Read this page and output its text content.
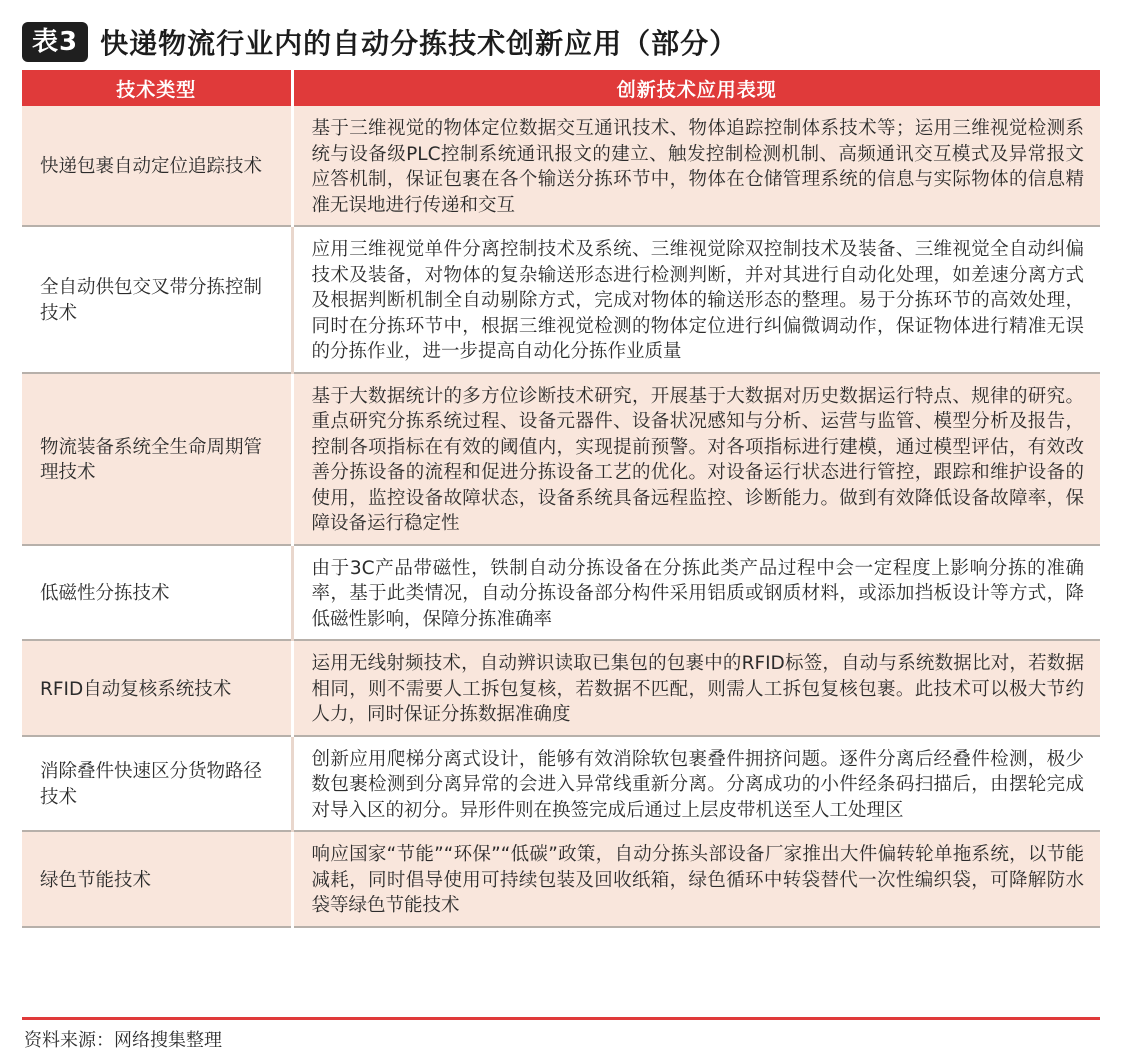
表3 快递物流行业内的自动分拣技术创新应用（部分）
技术类型	创新技术应用表现
快递包裹自动定位追踪技术	基于三维视觉的物体定位数据交互通讯技术、物体追踪控制体系技术等；运用三维视觉检测系统与设备级PLC控制系统通讯报文的建立、触发控制检测机制、高频通讯交互模式及异常报文应答机制，保证包裹在各个输送分拣环节中，物体在仓储管理系统的信息与实际物体的信息精准无误地进行传递和交互
全自动供包交叉带分拣控制技术	应用三维视觉单件分离控制技术及系统、三维视觉除双控制技术及装备、三维视觉全自动纠偏技术及装备，对物体的复杂输送形态进行检测判断，并对其进行自动化处理，如差速分离方式及根据判断机制全自动剔除方式，完成对物体的输送形态的整理。易于分拣环节的高效处理，同时在分拣环节中，根据三维视觉检测的物体定位进行纠偏微调动作，保证物体进行精准无误的分拣作业，进一步提高自动化分拣作业质量
物流装备系统全生命周期管理技术	基于大数据统计的多方位诊断技术研究，开展基于大数据对历史数据运行特点、规律的研究。重点研究分拣系统过程、设备元器件、设备状况感知与分析、运营与监管、模型分析及报告，控制各项指标在有效的阈值内，实现提前预警。对各项指标进行建模，通过模型评估，有效改善分拣设备的流程和促进分拣设备工艺的优化。对设备运行状态进行管控，跟踪和维护设备的使用，监控设备故障状态，设备系统具备远程监控、诊断能力。做到有效降低设备故障率，保障设备运行稳定性
低磁性分拣技术	由于3C产品带磁性，铁制自动分拣设备在分拣此类产品过程中会一定程度上影响分拣的准确率，基于此类情况，自动分拣设备部分构件采用铝质或钢质材料，或添加挡板设计等方式，降低磁性影响，保障分拣准确率
RFID自动复核系统技术	运用无线射频技术，自动辨识读取已集包的包裹中的RFID标签，自动与系统数据比对，若数据相同，则不需要人工拆包复核，若数据不匹配，则需人工拆包复核包裹。此技术可以极大节约人力，同时保证分拣数据准确度
消除叠件快速区分货物路径技术	创新应用爬梯分离式设计，能够有效消除软包裹叠件拥挤问题。逐件分离后经叠件检测，极少数包裹检测到分离异常的会进入异常线重新分离。分离成功的小件经条码扫描后，由摆轮完成对导入区的初分。异形件则在换签完成后通过上层皮带机送至人工处理区
绿色节能技术	响应国家“节能”“环保”“低碳”政策，自动分拣头部设备厂家推出大件偏转轮单拖系统，以节能减耗，同时倡导使用可持续包装及回收纸箱，绿色循环中转袋替代一次性编织袋，可降解防水袋等绿色节能技术
资料来源：网络搜集整理
